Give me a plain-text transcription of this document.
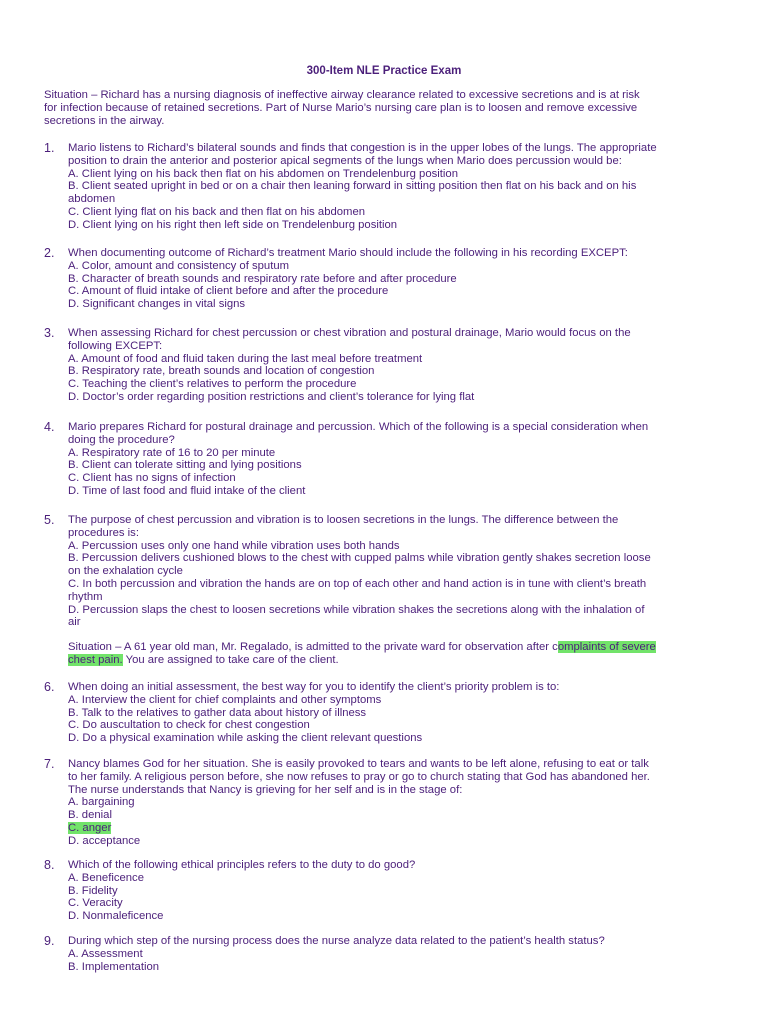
300-Item NLE Practice Exam
Situation – Richard has a nursing diagnosis of ineffective airway clearance related to excessive secretions and is at risk
for infection because of retained secretions. Part of Nurse Mario’s nursing care plan is to loosen and remove excessive
secretions in the airway.
1. Mario listens to Richard’s bilateral sounds and finds that congestion is in the upper lobes of the lungs. The appropriate
position to drain the anterior and posterior apical segments of the lungs when Mario does percussion would be:
A. Client lying on his back then flat on his abdomen on Trendelenburg position
B. Client seated upright in bed or on a chair then leaning forward in sitting position then flat on his back and on his
abdomen
C. Client lying flat on his back and then flat on his abdomen
D. Client lying on his right then left side on Trendelenburg position
2. When documenting outcome of Richard’s treatment Mario should include the following in his recording EXCEPT:
A. Color, amount and consistency of sputum
B. Character of breath sounds and respiratory rate before and after procedure
C. Amount of fluid intake of client before and after the procedure
D. Significant changes in vital signs
3. When assessing Richard for chest percussion or chest vibration and postural drainage, Mario would focus on the
following EXCEPT:
A. Amount of food and fluid taken during the last meal before treatment
B. Respiratory rate, breath sounds and location of congestion
C. Teaching the client’s relatives to perform the procedure
D. Doctor’s order regarding position restrictions and client’s tolerance for lying flat
4. Mario prepares Richard for postural drainage and percussion. Which of the following is a special consideration when
doing the procedure?
A. Respiratory rate of 16 to 20 per minute
B. Client can tolerate sitting and lying positions
C. Client has no signs of infection
D. Time of last food and fluid intake of the client
5. The purpose of chest percussion and vibration is to loosen secretions in the lungs. The difference between the
procedures is:
A. Percussion uses only one hand while vibration uses both hands
B. Percussion delivers cushioned blows to the chest with cupped palms while vibration gently shakes secretion loose
on the exhalation cycle
C. In both percussion and vibration the hands are on top of each other and hand action is in tune with client’s breath
rhythm
D. Percussion slaps the chest to loosen secretions while vibration shakes the secretions along with the inhalation of
air
Situation – A 61 year old man, Mr. Regalado, is admitted to the private ward for observation after complaints of severe
chest pain. You are assigned to take care of the client.
6. When doing an initial assessment, the best way for you to identify the client’s priority problem is to:
A. Interview the client for chief complaints and other symptoms
B. Talk to the relatives to gather data about history of illness
C. Do auscultation to check for chest congestion
D. Do a physical examination while asking the client relevant questions
7. Nancy blames God for her situation. She is easily provoked to tears and wants to be left alone, refusing to eat or talk
to her family. A religious person before, she now refuses to pray or go to church stating that God has abandoned her.
The nurse understands that Nancy is grieving for her self and is in the stage of:
A. bargaining
B. denial
C. anger
D. acceptance
8. Which of the following ethical principles refers to the duty to do good?
A. Beneficence
B. Fidelity
C. Veracity
D. Nonmaleficence
9. During which step of the nursing process does the nurse analyze data related to the patient’s health status?
A. Assessment
B. Implementation
